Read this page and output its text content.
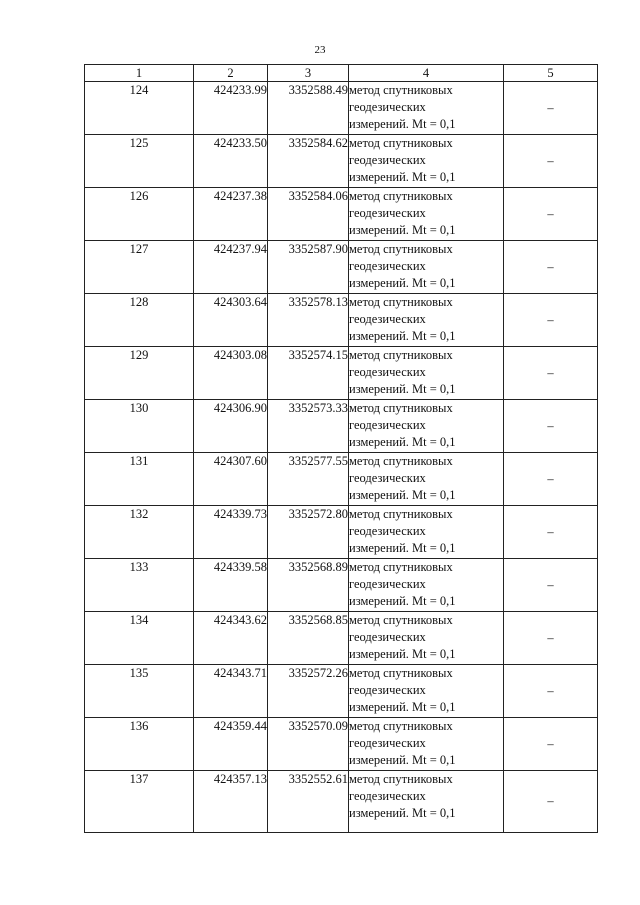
23
1	2	3	4	5
124	424233.99	3352588.49	метод спутниковых
геодезических
измерений. Mt = 0,1	–
125	424233.50	3352584.62	метод спутниковых
геодезических
измерений. Mt = 0,1	–
126	424237.38	3352584.06	метод спутниковых
геодезических
измерений. Mt = 0,1	–
127	424237.94	3352587.90	метод спутниковых
геодезических
измерений. Mt = 0,1	–
128	424303.64	3352578.13	метод спутниковых
геодезических
измерений. Mt = 0,1	–
129	424303.08	3352574.15	метод спутниковых
геодезических
измерений. Mt = 0,1	–
130	424306.90	3352573.33	метод спутниковых
геодезических
измерений. Mt = 0,1	–
131	424307.60	3352577.55	метод спутниковых
геодезических
измерений. Mt = 0,1	–
132	424339.73	3352572.80	метод спутниковых
геодезических
измерений. Mt = 0,1	–
133	424339.58	3352568.89	метод спутниковых
геодезических
измерений. Mt = 0,1	–
134	424343.62	3352568.85	метод спутниковых
геодезических
измерений. Mt = 0,1	–
135	424343.71	3352572.26	метод спутниковых
геодезических
измерений. Mt = 0,1	–
136	424359.44	3352570.09	метод спутниковых
геодезических
измерений. Mt = 0,1	–
137	424357.13	3352552.61	метод спутниковых
геодезических
измерений. Mt = 0,1	–
